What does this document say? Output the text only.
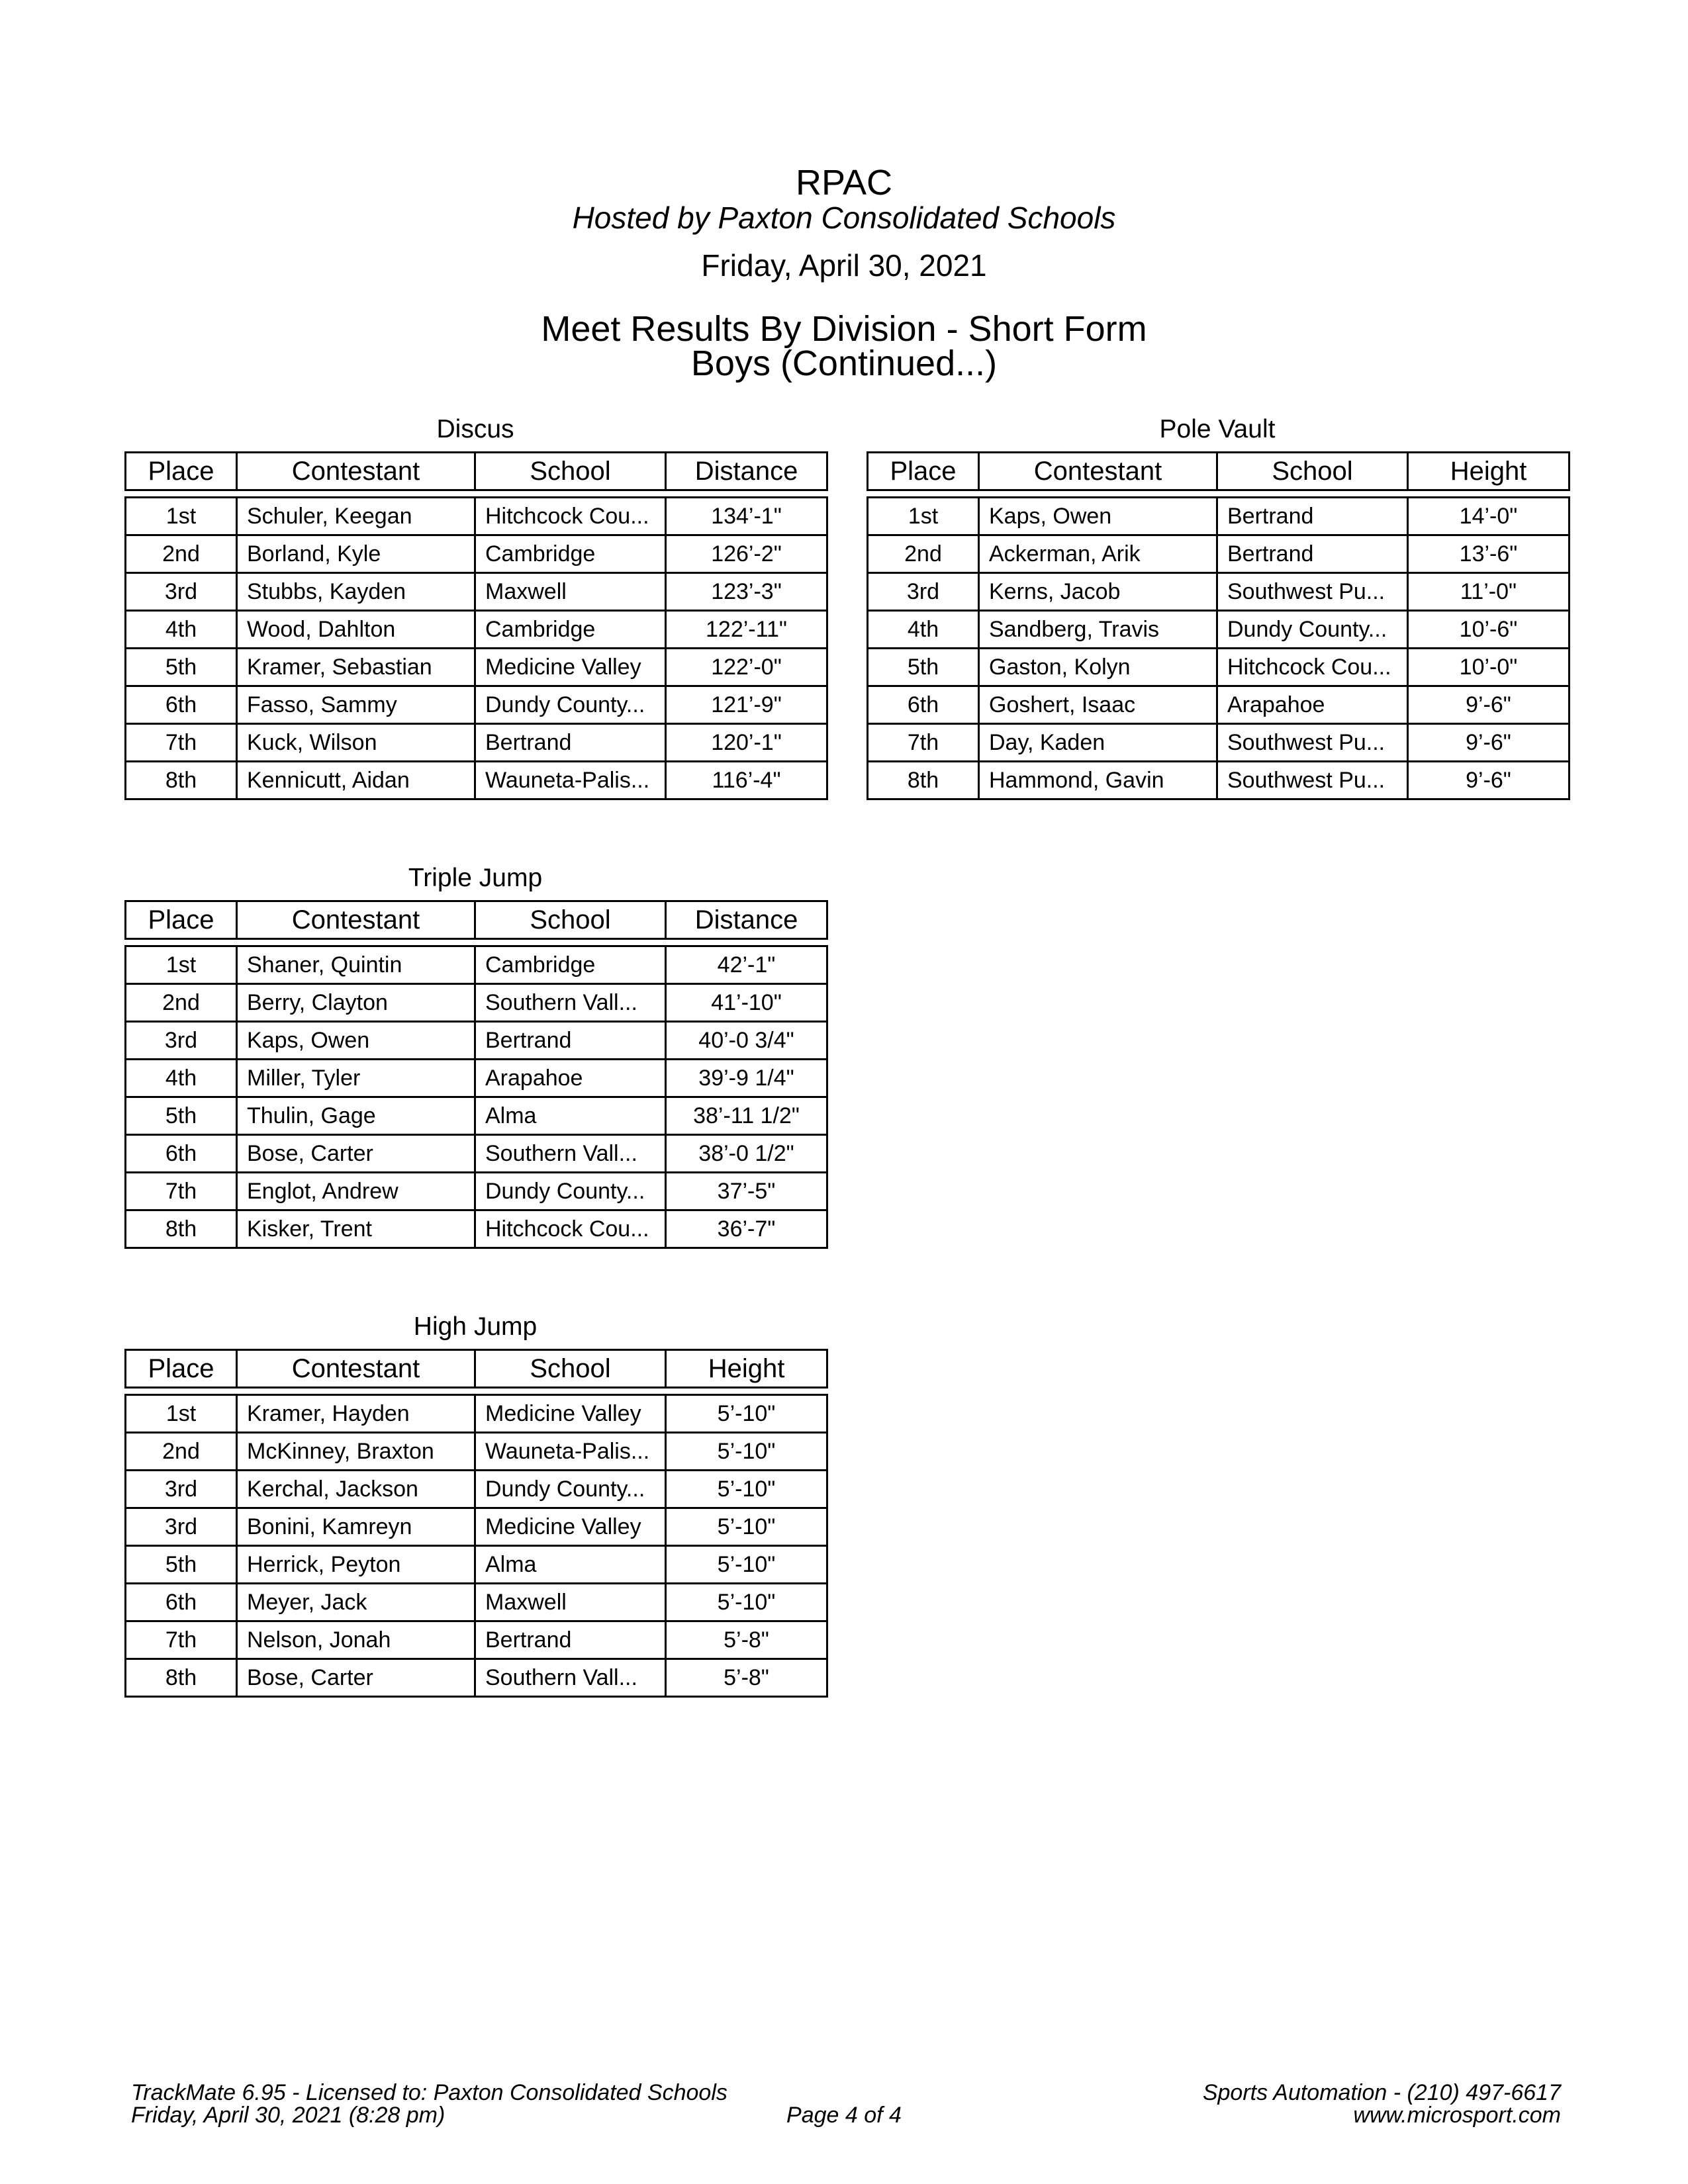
RPAC
Hosted by Paxton Consolidated Schools
Friday, April 30, 2021
Meet Results By Division - Short Form
Boys (Continued...)
Discus
Place	Contestant	School	Distance

1st	Schuler, Keegan	Hitchcock Cou...	134’-1"
2nd	Borland, Kyle	Cambridge	126’-2"
3rd	Stubbs, Kayden	Maxwell	123’-3"
4th	Wood, Dahlton	Cambridge	122’-11"
5th	Kramer, Sebastian	Medicine Valley	122’-0"
6th	Fasso, Sammy	Dundy County...	121’-9"
7th	Kuck, Wilson	Bertrand	120’-1"
8th	Kennicutt, Aidan	Wauneta-Palis...	116’-4"
Pole Vault
Place	Contestant	School	Height

1st	Kaps, Owen	Bertrand	14’-0"
2nd	Ackerman, Arik	Bertrand	13’-6"
3rd	Kerns, Jacob	Southwest Pu...	11’-0"
4th	Sandberg, Travis	Dundy County...	10’-6"
5th	Gaston, Kolyn	Hitchcock Cou...	10’-0"
6th	Goshert, Isaac	Arapahoe	9’-6"
7th	Day, Kaden	Southwest Pu...	9’-6"
8th	Hammond, Gavin	Southwest Pu...	9’-6"
Triple Jump
Place	Contestant	School	Distance

1st	Shaner, Quintin	Cambridge	42’-1"
2nd	Berry, Clayton	Southern Vall...	41’-10"
3rd	Kaps, Owen	Bertrand	40’-0 3/4"
4th	Miller, Tyler	Arapahoe	39’-9 1/4"
5th	Thulin, Gage	Alma	38’-11 1/2"
6th	Bose, Carter	Southern Vall...	38’-0 1/2"
7th	Englot, Andrew	Dundy County...	37’-5"
8th	Kisker, Trent	Hitchcock Cou...	36’-7"
High Jump
Place	Contestant	School	Height

1st	Kramer, Hayden	Medicine Valley	5’-10"
2nd	McKinney, Braxton	Wauneta-Palis...	5’-10"
3rd	Kerchal, Jackson	Dundy County...	5’-10"
3rd	Bonini, Kamreyn	Medicine Valley	5’-10"
5th	Herrick, Peyton	Alma	5’-10"
6th	Meyer, Jack	Maxwell	5’-10"
7th	Nelson, Jonah	Bertrand	5’-8"
8th	Bose, Carter	Southern Vall...	5’-8"
TrackMate 6.95 - Licensed to: Paxton Consolidated Schools
Friday, April 30, 2021 (8:28 pm)	Page 4 of 4
Sports Automation - (210) 497-6617
www.microsport.com
